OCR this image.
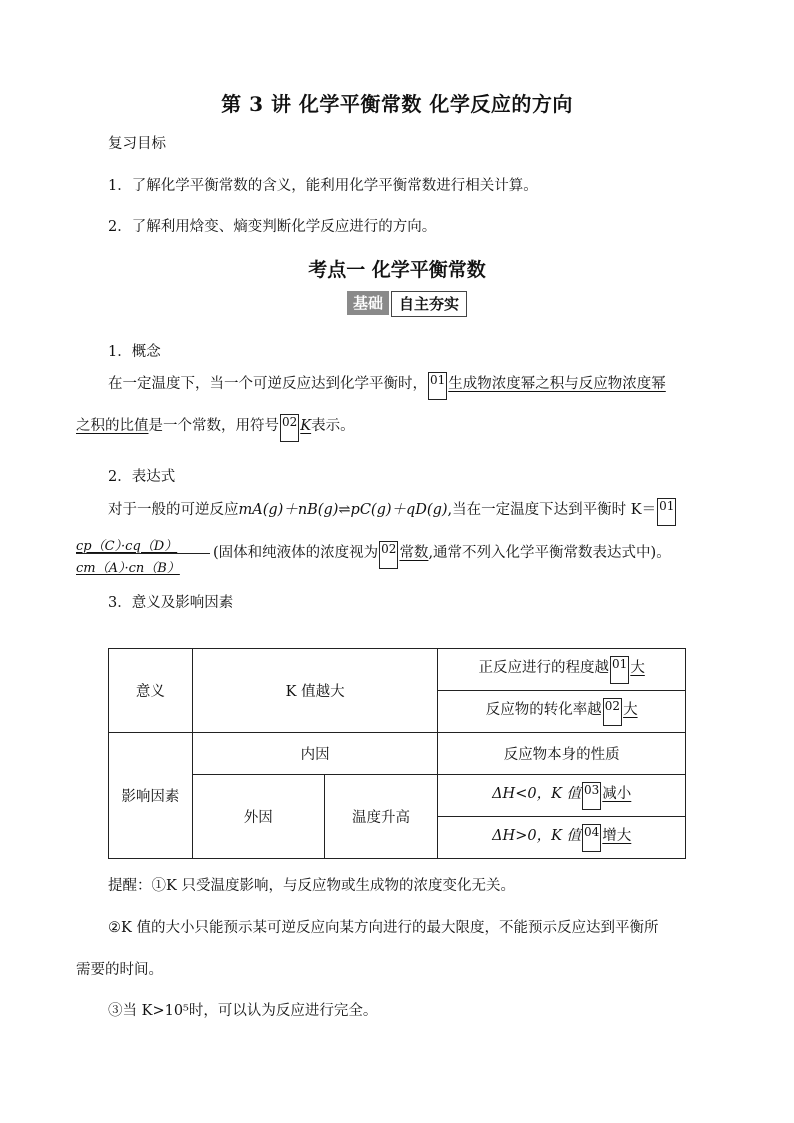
第 3 讲 化学平衡常数 化学反应的方向
复习目标
1．了解化学平衡常数的含义，能利用化学平衡常数进行相关计算。
2．了解利用焓变、熵变判断化学反应进行的方向。
考点一 化学平衡常数
基础	自主夯实
1．概念
在一定温度下，当一个可逆反应达到化学平衡时， 01 生成物浓度幂之积与反应物浓度幂
之积的比值是一个常数，用符号 02 K表示。
2．表达式
对于一般的可逆反应mA(g)＋nB(g)⇌pC(g)＋qD(g),当在一定温度下达到平衡时 K＝ 01
$\frac{cp(C)\cdot cq(D)}{cm(A)\cdot cn(B)}$
(固体和纯液体的浓度视为 02 常数,通常不列入化学平衡常数表达式中)。
3．意义及影响因素
意义	K 值越大		正反应进行的程度越 01 大
			反应物的转化率越 02 大
影响因素	内因		反应物本身的性质
	外因	温度升高	ΔH<0，K 值 03 减小
			ΔH>0，K 值 04 增大
提醒：①K 只受温度影响，与反应物或生成物的浓度变化无关。
②K 值的大小只能预示某可逆反应向某方向进行的最大限度，不能预示反应达到平衡所
需要的时间。
③当 K>10⁵时，可以认为反应进行完全。
